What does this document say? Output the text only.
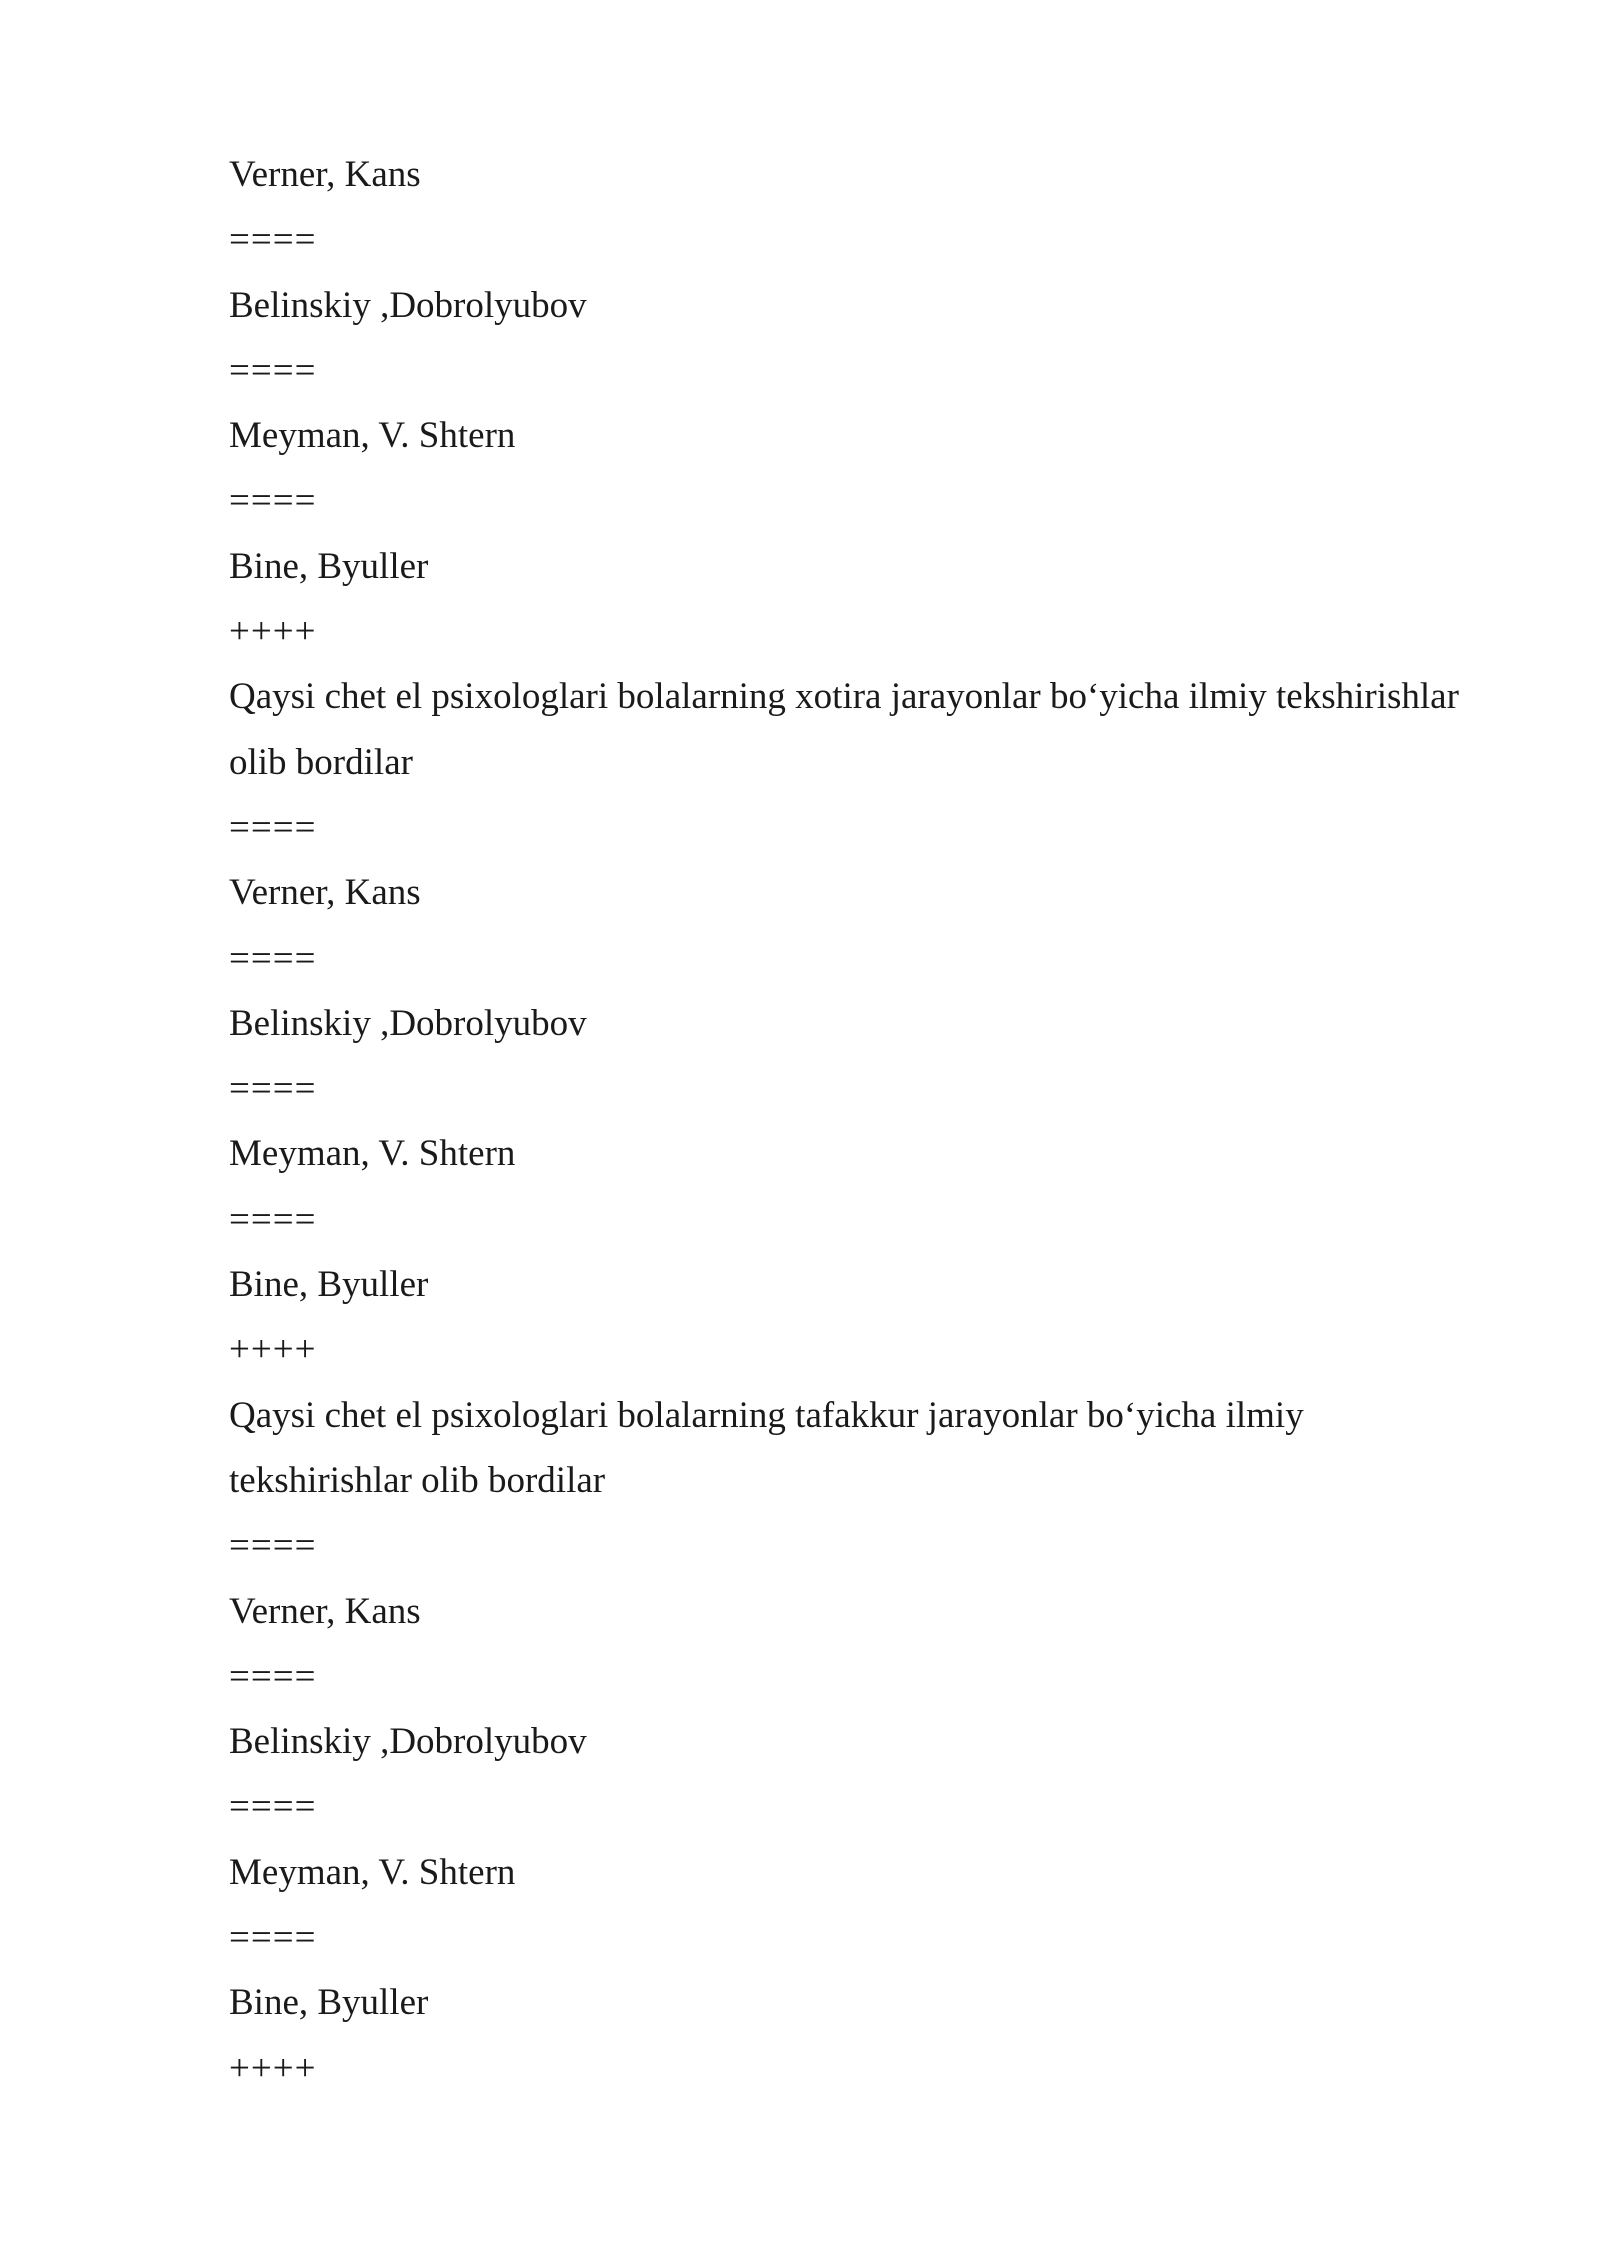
Verner, Kans

====

Belinskiy ,Dobrolyubov

====

Meyman, V. Shtern

====

Bine, Byuller

++++

Qaysi chet el psixologlari bolalarning xotira jarayonlar bo‘yicha ilmiy tekshirishlar

olib bordilar

====

Verner, Kans

====

Belinskiy ,Dobrolyubov

====

Meyman, V. Shtern

====

Bine, Byuller

++++

Qaysi chet el psixologlari bolalarning tafakkur jarayonlar bo‘yicha ilmiy

tekshirishlar olib bordilar

====

Verner, Kans

====

Belinskiy ,Dobrolyubov

====

Meyman, V. Shtern

====

Bine, Byuller

++++
